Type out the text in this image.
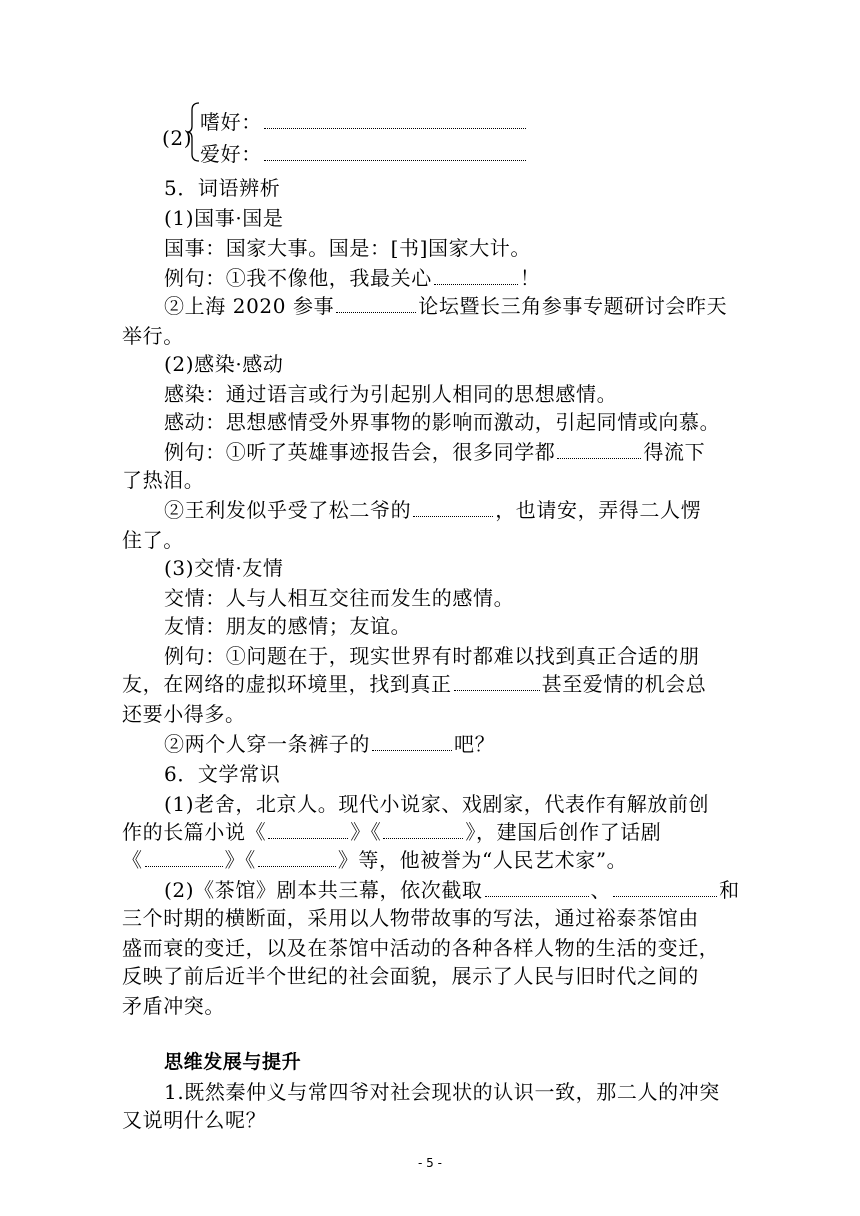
(2)
嗜好：
爱好：
5．词语辨析
(1)国事·国是
国事：国家大事。国是：[书]国家大计。
例句：①我不像他，我最关心	！
②上海 2020 参事	论坛暨长三角参事专题研讨会昨天
举行。
(2)感染·感动
感染：通过语言或行为引起别人相同的思想感情。
感动：思想感情受外界事物的影响而激动，引起同情或向慕。
例句：①听了英雄事迹报告会，很多同学都	得流下
了热泪。
②王利发似乎受了松二爷的	，也请安，弄得二人愣
住了。
(3)交情·友情
交情：人与人相互交往而发生的感情。
友情：朋友的感情；友谊。
例句：①问题在于，现实世界有时都难以找到真正合适的朋
友，在网络的虚拟环境里，找到真正	甚至爱情的机会总
还要小得多。
②两个人穿一条裤子的	吧？
6．文学常识
(1)老舍，北京人。现代小说家、戏剧家，代表作有解放前创
作的长篇小说《	》《	》，建国后创作了话剧
《	》《	》等，他被誉为“人民艺术家”。
(2)《茶馆》剧本共三幕，依次截取	、	和
三个时期的横断面，采用以人物带故事的写法，通过裕泰茶馆由
盛而衰的变迁，以及在茶馆中活动的各种各样人物的生活的变迁，
反映了前后近半个世纪的社会面貌，展示了人民与旧时代之间的
矛盾冲突。
思维发展与提升
1.既然秦仲义与常四爷对社会现状的认识一致，那二人的冲突
又说明什么呢？
- 5 -
